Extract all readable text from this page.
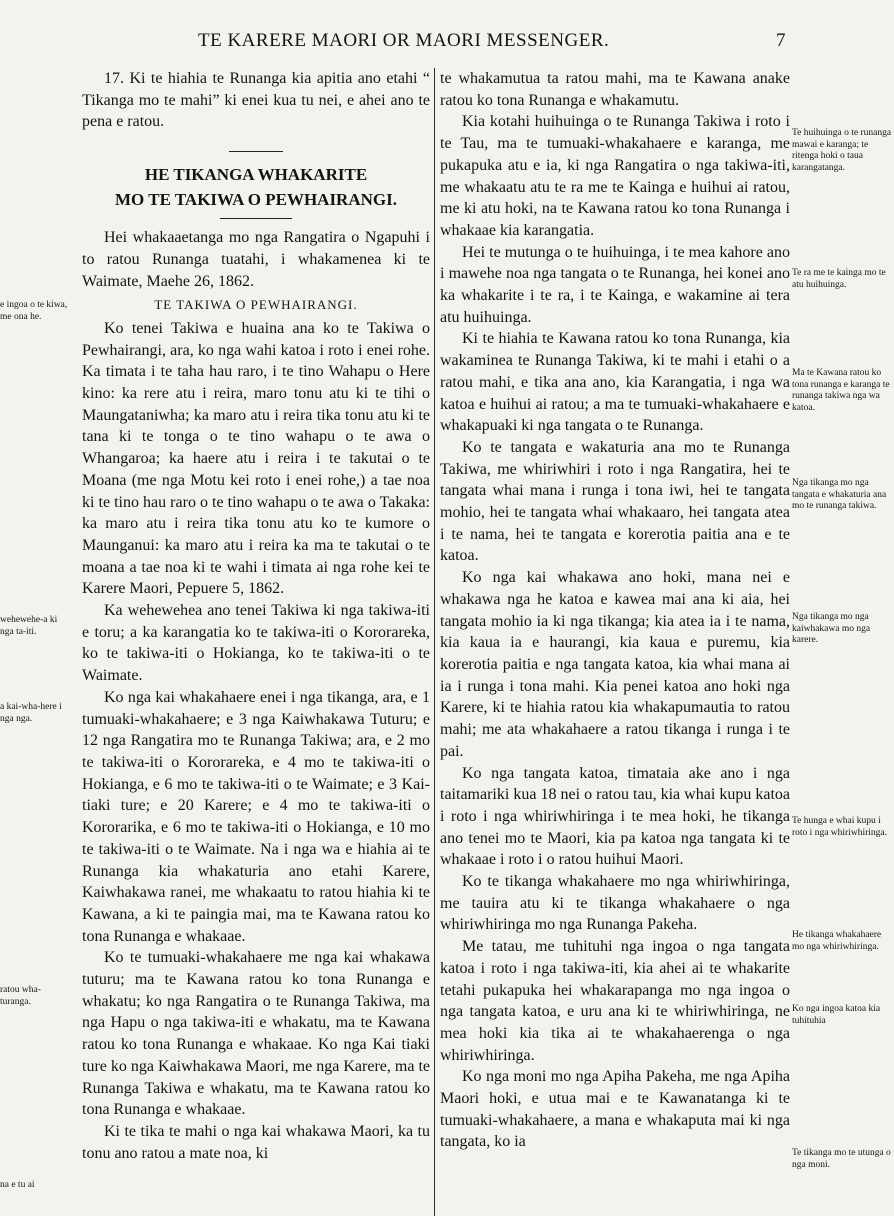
TE KARERE MAORI OR MAORI MESSENGER.	7

17. Ki te hiahia te Runanga kia apitia ano etahi “ Tikanga mo te mahi” ki enei kua tu nei, e ahei ano te pena e ratou.

HE TIKANGA WHAKARITE
MO TE TAKIWA O PEWHAIRANGI.

Hei whakaaetanga mo nga Rangatira o Ngapuhi i to ratou Runanga tuatahi, i whakamenea ki te Waimate, Maehe 26, 1862.

TE TAKIWA O PEWHAIRANGI.

Ko tenei Takiwa e huaina ana ko te Takiwa o Pewhairangi, ara, ko nga wahi katoa i roto i enei rohe. Ka timata i te taha hau raro, i te tino Wahapu o Here kino: ka rere atu i reira, maro tonu atu ki te tihi o Maungataniwha; ka maro atu i reira tika tonu atu ki te tana ki te tonga o te tino wahapu o te awa o Whangaroa; ka haere atu i reira i te takutai o te Moana (me nga Motu kei roto i enei rohe,) a tae noa ki te tino hau raro o te tino wahapu o te awa o Takaka: ka maro atu i reira tika tonu atu ko te kumore o Maunganui: ka maro atu i reira ka ma te takutai o te moana a tae noa ki te wahi i timata ai nga rohe kei te Karere Maori, Pepuere 5, 1862.

Ka wehewehea ano tenei Takiwa ki nga takiwa-iti e toru; a ka karangatia ko te takiwa-iti o Kororareka, ko te takiwa-iti o Hokianga, ko te takiwa-iti o te Waimate.

Ko nga kai whakahaere enei i nga tikanga, ara, e 1 tumuaki-whakahaere; e 3 nga Kaiwhakawa Tuturu; e 12 nga Rangatira mo te Runanga Takiwa; ara, e 2 mo te takiwa-iti o Kororareka, e 4 mo te takiwa-iti o Hokianga, e 6 mo te takiwa-iti o te Waimate; e 3 Kai-tiaki ture; e 20 Karere; e 4 mo te takiwa-iti o Kororarika, e 6 mo te takiwa-iti o Hokianga, e 10 mo te takiwa-iti o te Waimate. Na i nga wa e hiahia ai te Runanga kia whakaturia ano etahi Karere, Kaiwhakawa ranei, me whakaatu to ratou hiahia ki te Kawana, a ki te paingia mai, ma te Kawana ratou ko tona Runanga e whakaae.

Ko te tumuaki-whakahaere me nga kai whakawa tuturu; ma te Kawana ratou ko tona Runanga e whakatu; ko nga Rangatira o te Runanga Takiwa, ma nga Hapu o nga takiwa-iti e whakatu, ma te Kawana ratou ko tona Runanga e whakaae. Ko nga Kai tiaki ture ko nga Kaiwhakawa Maori, me nga Karere, ma te Runanga Takiwa e whakatu, ma te Kawana ratou ko tona Runanga e whakaae.

Ki te tika te mahi o nga kai whakawa Maori, ka tu tonu ano ratou a mate noa, ki

te whakamutua ta ratou mahi, ma te Kawana anake ratou ko tona Runanga e whakamutu.

Kia kotahi huihuinga o te Runanga Takiwa i roto i te Tau, ma te tumuaki-whakahaere e karanga, me pukapuka atu e ia, ki nga Rangatira o nga takiwa-iti, me whakaatu atu te ra me te Kainga e huihui ai ratou, me ki atu hoki, na te Kawana ratou ko tona Runanga i whakaae kia karangatia.

Hei te mutunga o te huihuinga, i te mea kahore ano i mawehe noa nga tangata o te Runanga, hei konei ano ka whakarite i te ra, i te Kainga, e wakamine ai tera atu huihuinga.

Ki te hiahia te Kawana ratou ko tona Runanga, kia wakaminea te Runanga Takiwa, ki te mahi i etahi o a ratou mahi, e tika ana ano, kia Karangatia, i nga wa katoa e huihui ai ratou; a ma te tumuaki-whakahaere e whakapuaki ki nga tangata o te Runanga.

Ko te tangata e wakaturia ana mo te Runanga Takiwa, me whiriwhiri i roto i nga Rangatira, hei te tangata whai mana i runga i tona iwi, hei te tangata mohio, hei te tangata whai whakaaro, hei tangata atea i te nama, hei te tangata e korerotia paitia ana e te katoa.

Ko nga kai whakawa ano hoki, mana nei e whakawa nga he katoa e kawea mai ana ki aia, hei tangata mohio ia ki nga tikanga; kia atea ia i te nama, kia kaua ia e haurangi, kia kaua e puremu, kia korerotia paitia e nga tangata katoa, kia whai mana ai ia i runga i tona mahi. Kia penei katoa ano hoki nga Karere, ki te hiahia ratou kia whakapumautia to ratou mahi; me ata whakahaere a ratou tikanga i runga i te pai.

Ko nga tangata katoa, timataia ake ano i nga taitamariki kua 18 nei o ratou tau, kia whai kupu katoa i roto i nga whiriwhiringa i te mea hoki, he tikanga ano tenei mo te Maori, kia pa katoa nga tangata ki te whakaae i roto i o ratou huihui Maori.

Ko te tikanga whakahaere mo nga whiriwhiringa, me tauira atu ki te tikanga whakahaere o nga whiriwhiringa mo nga Runanga Pakeha.

Me tatau, me tuhituhi nga ingoa o nga tangata katoa i roto i nga takiwa-iti, kia ahei ai te whakarite tetahi pukapuka hei whakarapanga mo nga ingoa o nga tangata katoa, e uru ana ki te whiriwhiringa, ne mea hoki kia tika ai te whakahaerenga o nga whiriwhiringa.

Ko nga moni mo nga Apiha Pakeha, me nga Apiha Maori hoki, e utua mai e te Kawanatanga ki te tumuaki-whakahaere, a mana e whakaputa mai ki nga tangata, ko ia

e ingoa o te kiwa, me ona he.
wehewehe-a ki nga ta-iti.
a kai-wha-here i nga nga.
ratou wha-turanga.
na e tu ai
Te huihuinga o te runanga mawai e karanga; te ritenga hoki o taua karangatanga.
Te ra me te kainga mo te atu huihuinga.
Ma te Kawana ratou ko tona runanga e karanga te runanga takiwa nga wa katoa.
Nga tikanga mo nga tangata e whakaturia ana mo te runanga takiwa.
Nga tikanga mo nga kaiwhakawa mo nga karere.
Te hunga e whai kupu i roto i nga whiriwhiringa.
He tikanga whakahaere mo nga whiriwhiringa.
Ko nga ingoa katoa kia tuhituhia
Te tikanga mo te utunga o nga moni.
